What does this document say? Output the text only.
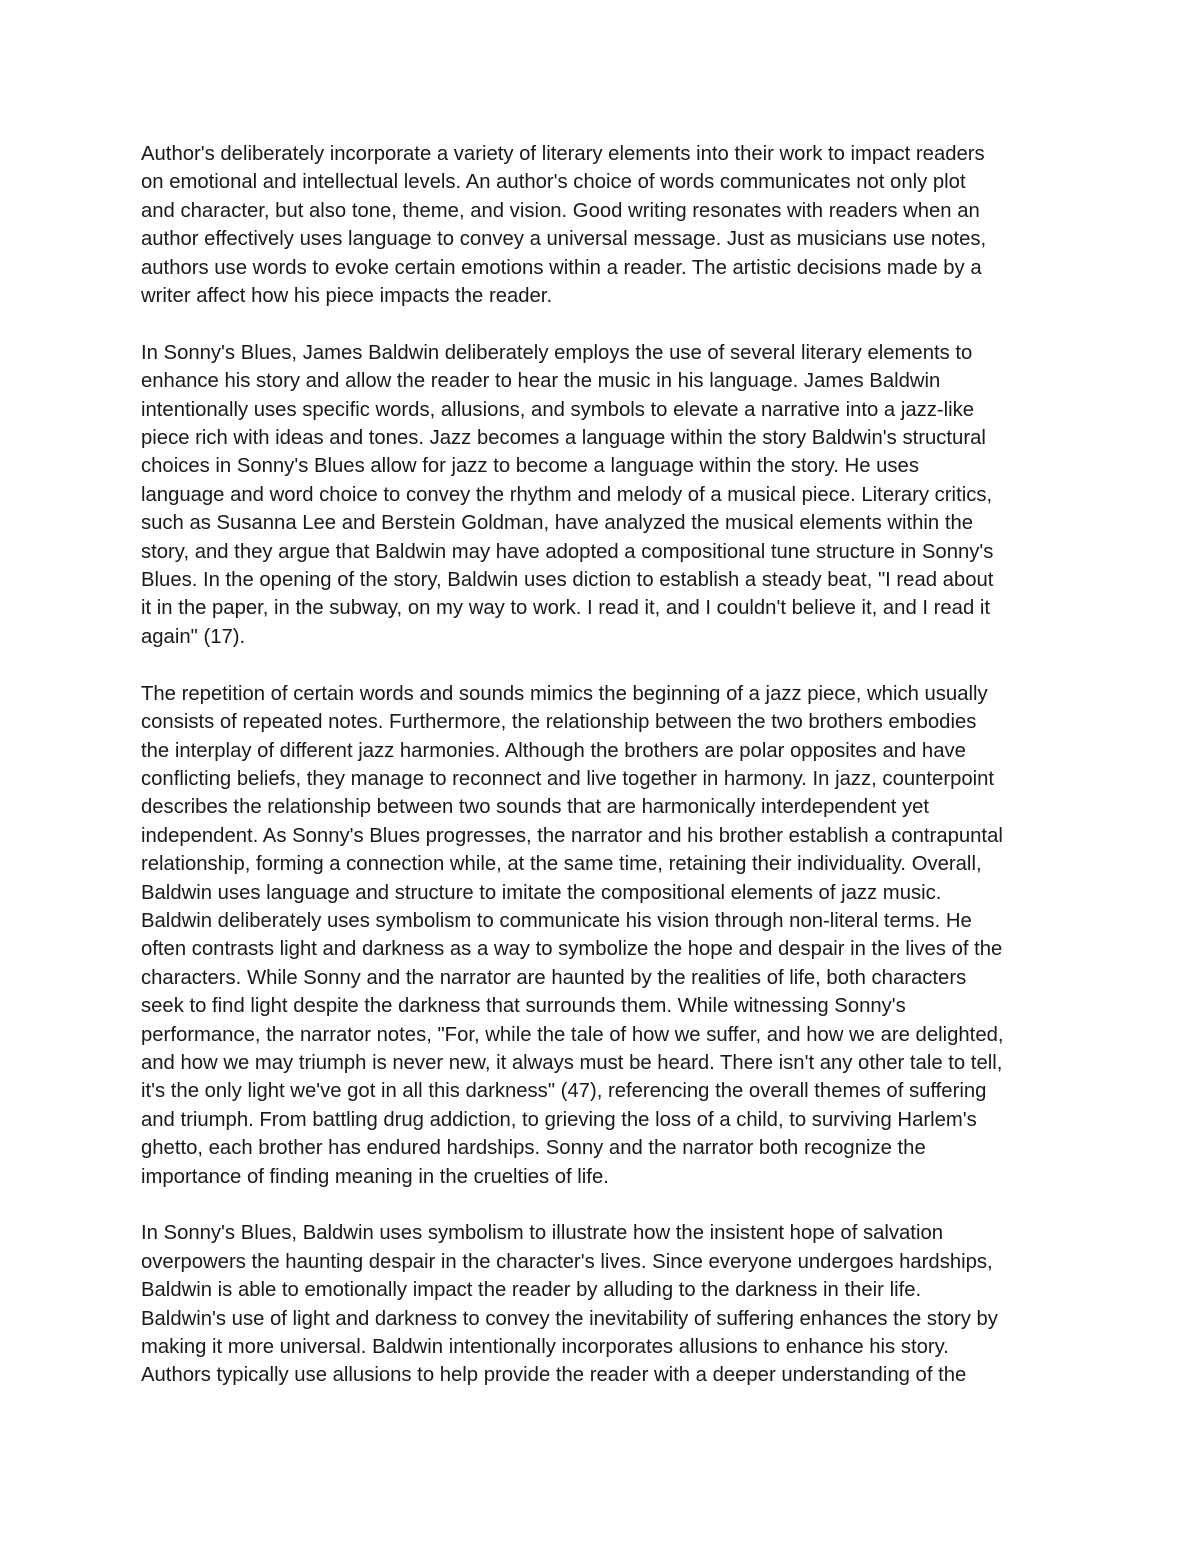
Author's deliberately incorporate a variety of literary elements into their work to impact readers
on emotional and intellectual levels. An author's choice of words communicates not only plot
and character, but also tone, theme, and vision. Good writing resonates with readers when an
author effectively uses language to convey a universal message. Just as musicians use notes,
authors use words to evoke certain emotions within a reader. The artistic decisions made by a
writer affect how his piece impacts the reader.

In Sonny's Blues, James Baldwin deliberately employs the use of several literary elements to
enhance his story and allow the reader to hear the music in his language. James Baldwin
intentionally uses specific words, allusions, and symbols to elevate a narrative into a jazz-like
piece rich with ideas and tones. Jazz becomes a language within the story Baldwin's structural
choices in Sonny's Blues allow for jazz to become a language within the story. He uses
language and word choice to convey the rhythm and melody of a musical piece. Literary critics,
such as Susanna Lee and Berstein Goldman, have analyzed the musical elements within the
story, and they argue that Baldwin may have adopted a compositional tune structure in Sonny's
Blues. In the opening of the story, Baldwin uses diction to establish a steady beat, "I read about
it in the paper, in the subway, on my way to work. I read it, and I couldn't believe it, and I read it
again" (17).

The repetition of certain words and sounds mimics the beginning of a jazz piece, which usually
consists of repeated notes. Furthermore, the relationship between the two brothers embodies
the interplay of different jazz harmonies. Although the brothers are polar opposites and have
conflicting beliefs, they manage to reconnect and live together in harmony. In jazz, counterpoint
describes the relationship between two sounds that are harmonically interdependent yet
independent. As Sonny's Blues progresses, the narrator and his brother establish a contrapuntal
relationship, forming a connection while, at the same time, retaining their individuality. Overall,
Baldwin uses language and structure to imitate the compositional elements of jazz music.
Baldwin deliberately uses symbolism to communicate his vision through non-literal terms. He
often contrasts light and darkness as a way to symbolize the hope and despair in the lives of the
characters. While Sonny and the narrator are haunted by the realities of life, both characters
seek to find light despite the darkness that surrounds them. While witnessing Sonny's
performance, the narrator notes, "For, while the tale of how we suffer, and how we are delighted,
and how we may triumph is never new, it always must be heard. There isn't any other tale to tell,
it's the only light we've got in all this darkness" (47), referencing the overall themes of suffering
and triumph. From battling drug addiction, to grieving the loss of a child, to surviving Harlem's
ghetto, each brother has endured hardships. Sonny and the narrator both recognize the
importance of finding meaning in the cruelties of life.

In Sonny's Blues, Baldwin uses symbolism to illustrate how the insistent hope of salvation
overpowers the haunting despair in the character's lives. Since everyone undergoes hardships,
Baldwin is able to emotionally impact the reader by alluding to the darkness in their life.
Baldwin's use of light and darkness to convey the inevitability of suffering enhances the story by
making it more universal. Baldwin intentionally incorporates allusions to enhance his story.
Authors typically use allusions to help provide the reader with a deeper understanding of the
